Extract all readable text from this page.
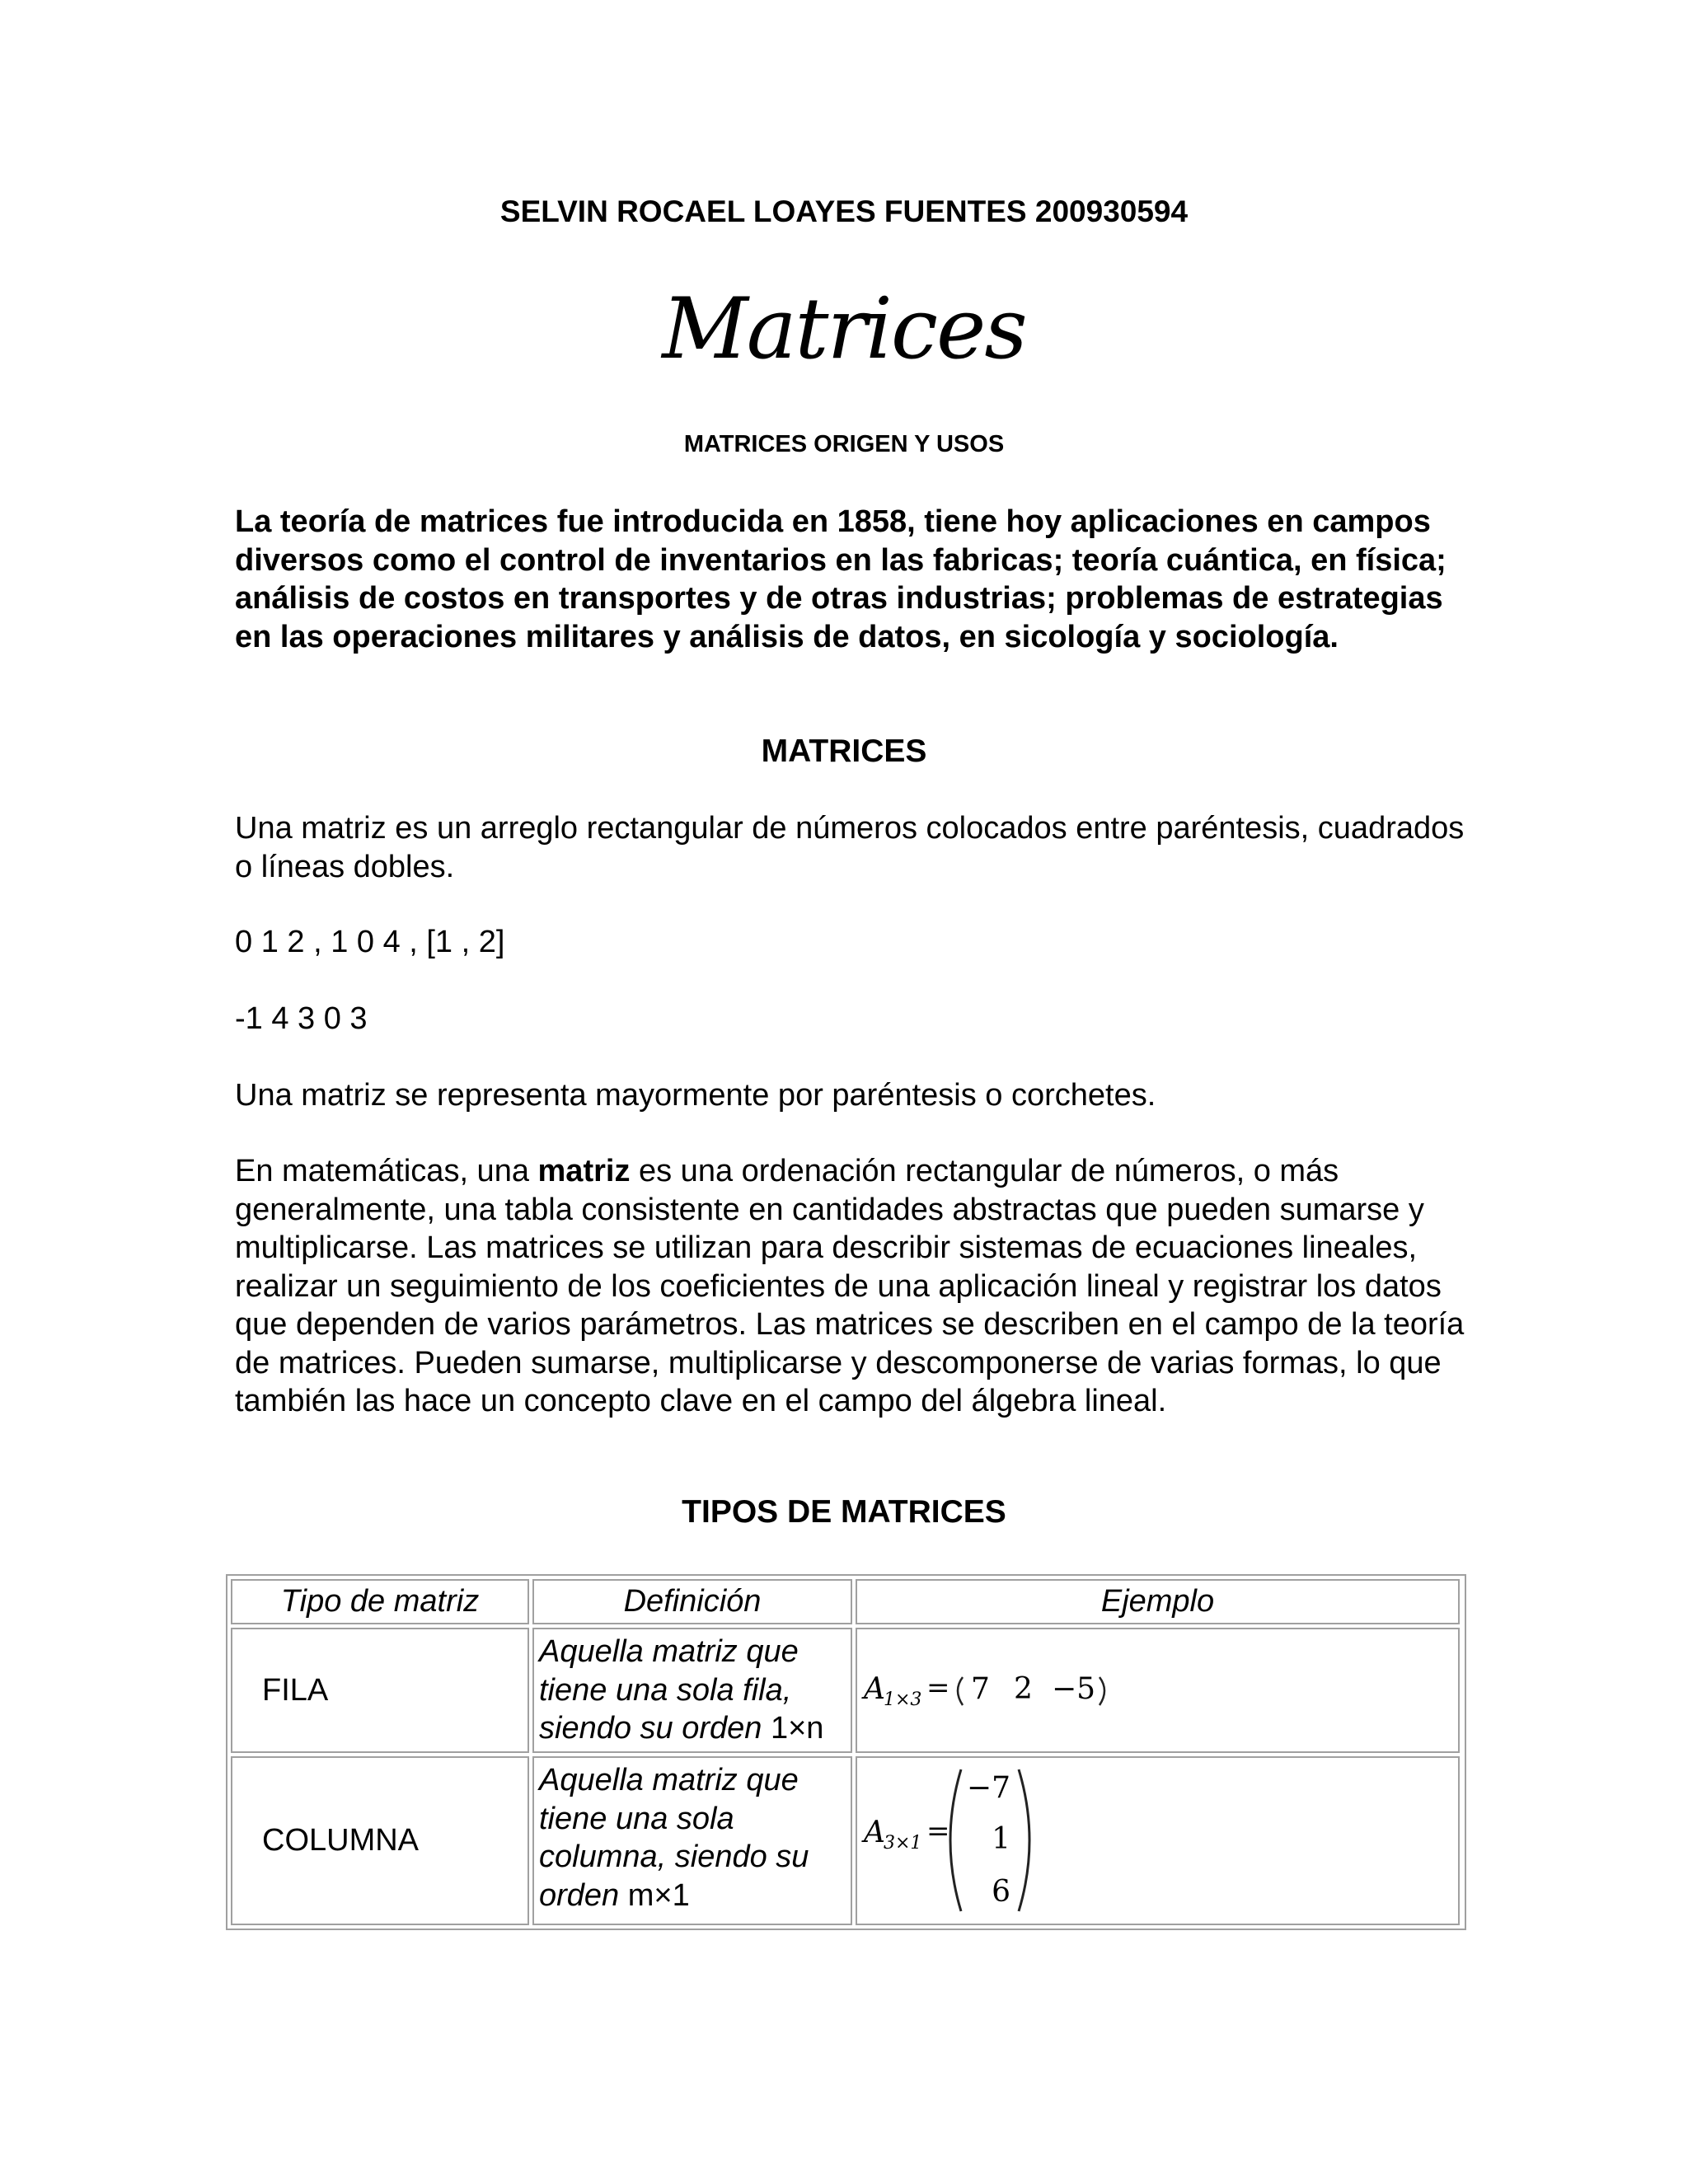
SELVIN ROCAEL LOAYES FUENTES 200930594
Matrices
MATRICES ORIGEN Y USOS
La teoría de matrices fue introducida en 1858, tiene hoy aplicaciones en campos diversos como el control de inventarios en las fabricas; teoría cuántica, en física; análisis de costos en transportes y de otras industrias; problemas de estrategias en las operaciones militares y análisis de datos, en sicología y sociología.
MATRICES
Una matriz es un arreglo rectangular de números colocados entre paréntesis, cuadrados o líneas dobles.
0 1 2 , 1 0 4 , [1 , 2]
-1 4 3 0 3
Una matriz se representa mayormente por paréntesis o corchetes.
En matemáticas, una matriz es una ordenación rectangular de números, o más generalmente, una tabla consistente en cantidades abstractas que pueden sumarse y multiplicarse. Las matrices se utilizan para describir sistemas de ecuaciones lineales, realizar un seguimiento de los coeficientes de una aplicación lineal y registrar los datos que dependen de varios parámetros. Las matrices se describen en el campo de la teoría de matrices. Pueden sumarse, multiplicarse y descomponerse de varias formas, lo que también las hace un concepto clave en el campo del álgebra lineal.
TIPOS DE MATRICES
Tipo de matriz	Definición	Ejemplo
FILA
Aquella matriz que
tiene una sola fila,
siendo su orden 1×n
A
1×3 = 7 2 −5
COLUMNA
Aquella matriz que
tiene una sola
columna, siendo su
orden m×1
A
3×1 =
−7
1
6
